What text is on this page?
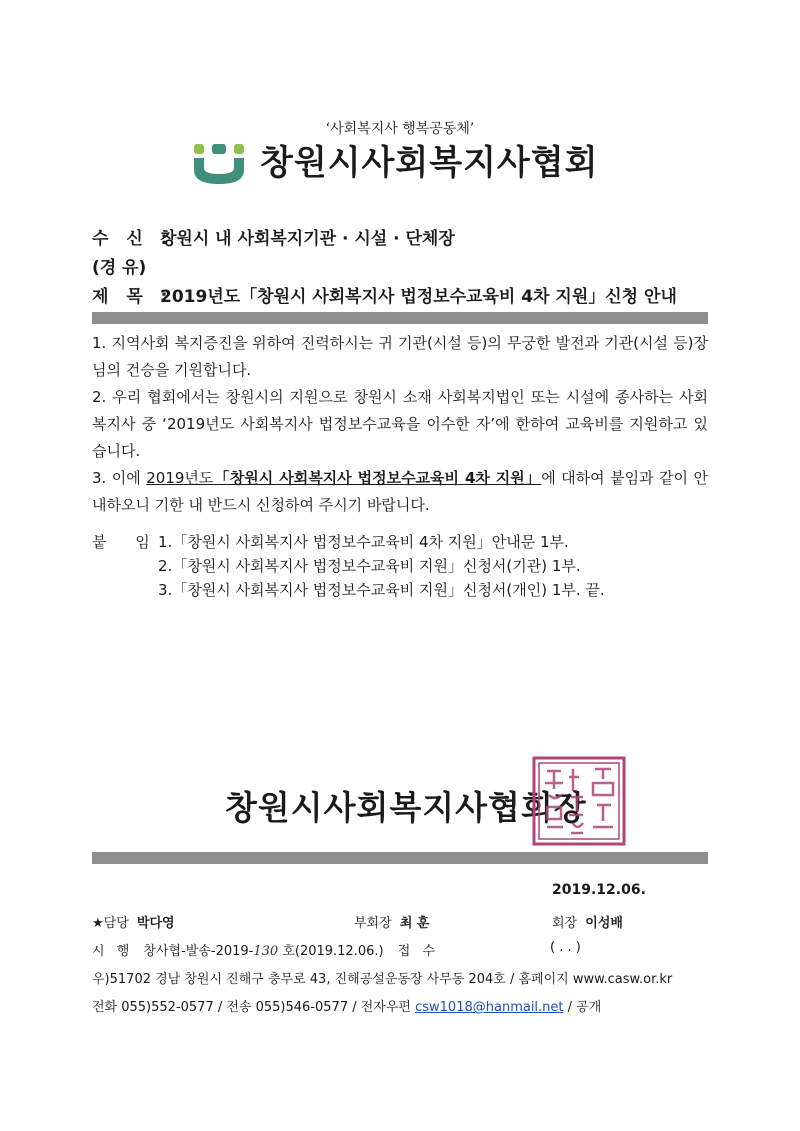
‘사회복지사 행복공동체’
창원시사회복지사협회
수 신 :창원시 내 사회복지기관 · 시설 · 단체장
(경 유)
제 목 :2019년도「창원시 사회복지사 법정보수교육비 4차 지원」신청 안내

1. 지역사회 복지증진을 위하여 진력하시는 귀 기관(시설 등)의 무궁한 발전과 기관(시설 등)장님의 건승을 기원합니다.

2. 우리 협회에서는 창원시의 지원으로 창원시 소재 사회복지법인 또는 시설에 종사하는 사회복지사 중 ‘2019년도 사회복지사 법정보수교육을 이수한 자’에 한하여 교육비를 지원하고 있습니다.

3. 이에 2019년도「창원시 사회복지사 법정보수교육비 4차 지원」에 대하여 붙임과 같이 안내하오니 기한 내 반드시 신청하여 주시기 바랍니다.

붙 임1.「창원시 사회복지사 법정보수교육비 4차 지원」안내문 1부.
2.「창원시 사회복지사 법정보수교육비 지원」신청서(기관) 1부.
3.「창원시 사회복지사 법정보수교육비 지원」신청서(개인) 1부. 끝.
창원시사회복지사협회장
2019.12.06.
★담당 박다영	부회장 최 훈	회장 이성배
시 행 창사협-발송-2019-130 호(2019.12.06.) 접 수	( . . )
우)51702 경남 창원시 진해구 충무로 43, 진해공설운동장 사무동 204호 / 홈페이지 www.casw.or.kr
전화 055)552-0577 / 전송 055)546-0577 / 전자우편 csw1018@hanmail.net / 공개
